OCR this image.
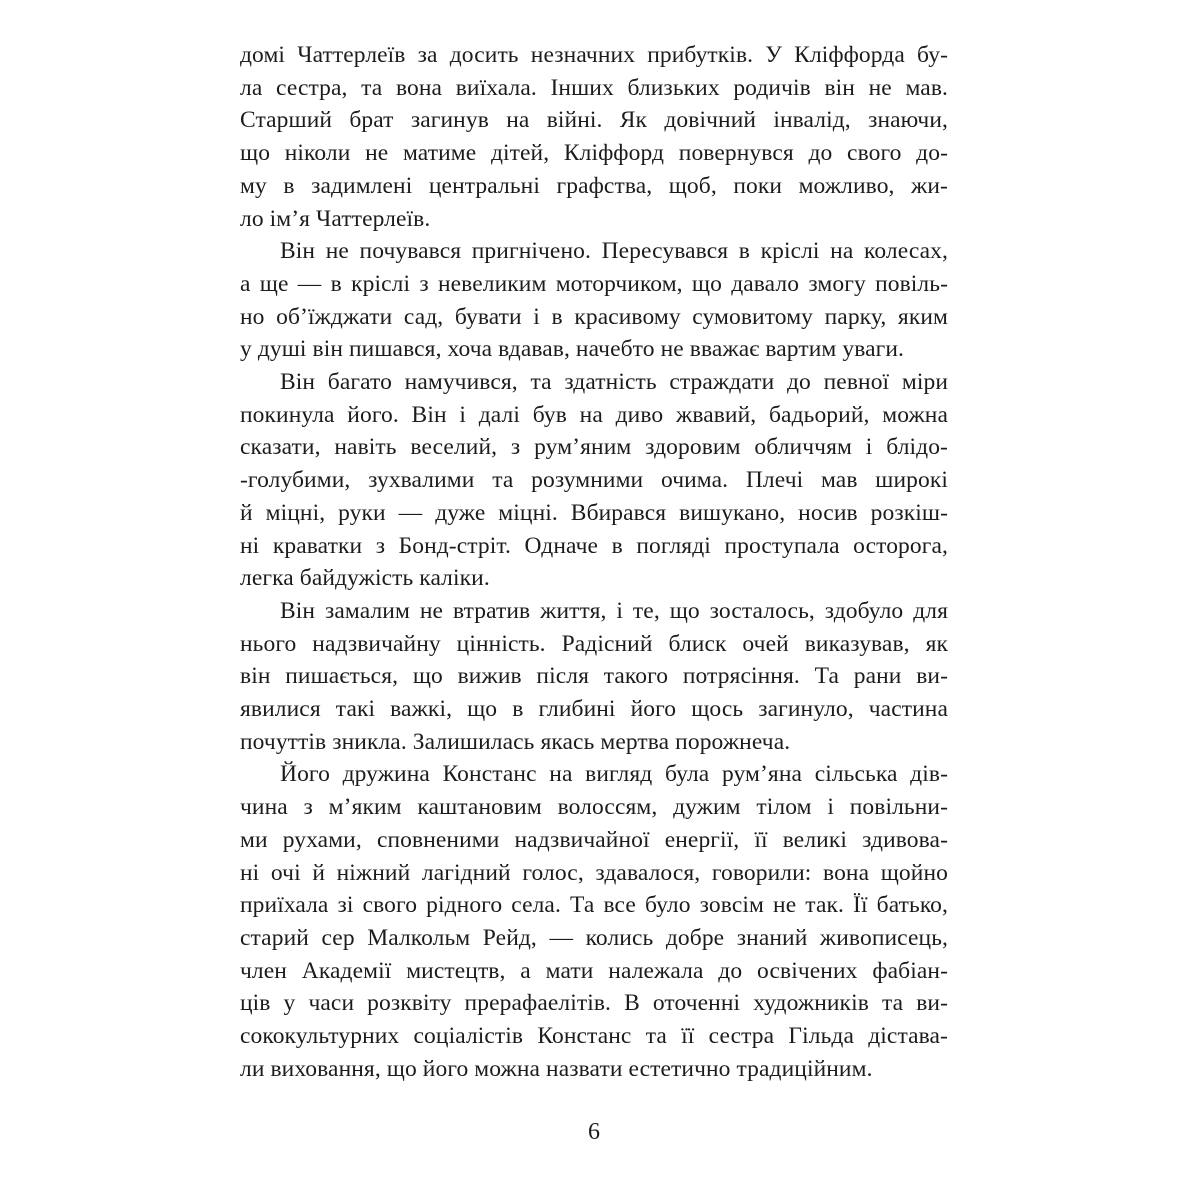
домі Чаттерлеїв за досить незначних прибутків. У Кліффорда бу-
ла сестра, та вона виїхала. Інших близьких родичів він не мав.
Старший брат загинув на війні. Як довічний інвалід, знаючи,
що ніколи не матиме дітей, Кліффорд повернувся до свого до-
му в задимлені центральні графства, щоб, поки можливо, жи-
ло ім’я Чаттерлеїв.
Він не почувався пригнічено. Пересувався в кріслі на колесах,
а ще — в кріслі з невеликим моторчиком, що давало змогу повіль-
но об’їжджати сад, бувати і в красивому сумовитому парку, яким
у душі він пишався, хоча вдавав, начебто не вважає вартим уваги.
Він багато намучився, та здатність страждати до певної міри
покинула його. Він і далі був на диво жвавий, бадьорий, можна
сказати, навіть веселий, з рум’яним здоровим обличчям і блідо-
-голубими, зухвалими та розумними очима. Плечі мав широкі
й міцні, руки — дуже міцні. Вбирався вишукано, носив розкіш-
ні краватки з Бонд-стріт. Одначе в погляді проступала осторога,
легка байдужість каліки.
Він замалим не втратив життя, і те, що зосталось, здобуло для
нього надзвичайну цінність. Радісний блиск очей виказував, як
він пишається, що вижив після такого потрясіння. Та рани ви-
явилися такі важкі, що в глибині його щось загинуло, частина
почуттів зникла. Залишилась якась мертва порожнеча.
Його дружина Констанс на вигляд була рум’яна сільська дів-
чина з м’яким каштановим волоссям, дужим тілом і повільни-
ми рухами, сповненими надзвичайної енергії, її великі здивова-
ні очі й ніжний лагідний голос, здавалося, говорили: вона щойно
приїхала зі свого рідного села. Та все було зовсім не так. Її батько,
старий сер Малкольм Рейд, — колись добре знаний живописець,
член Академії мистецтв, а мати належала до освічених фабіан-
ців у часи розквіту прерафаелітів. В оточенні художників та ви-
сококультурних соціалістів Констанс та її сестра Гільда дістава-
ли виховання, що його можна назвати естетично традиційним.
6
